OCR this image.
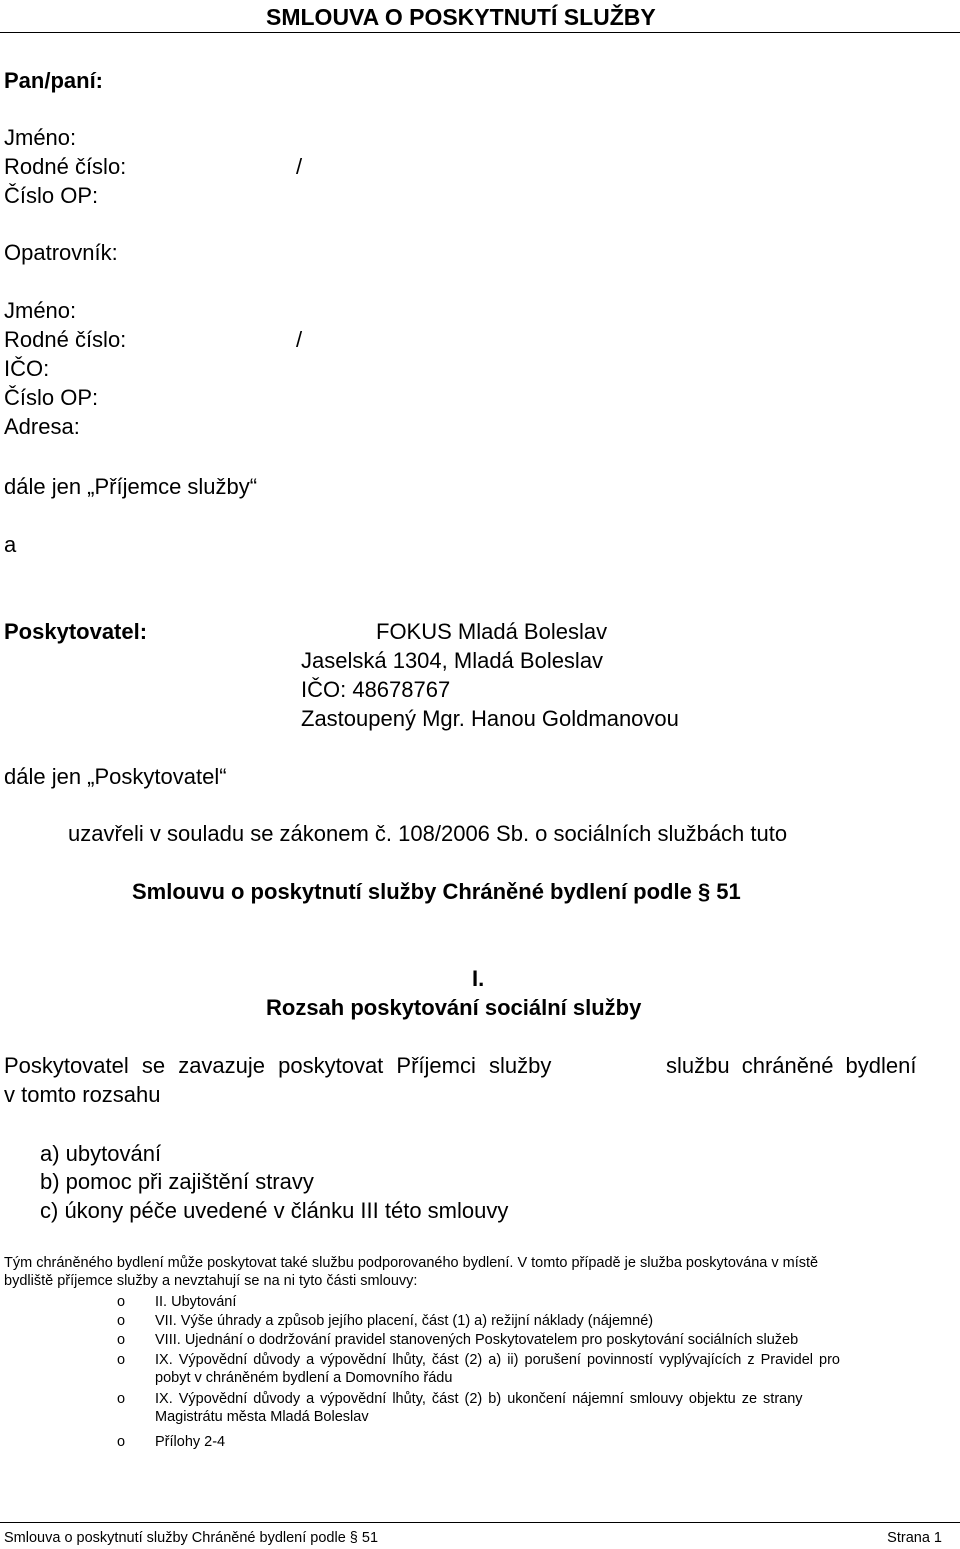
SMLOUVA O POSKYTNUTÍ SLUŽBY
Pan/paní:
Jméno:
Rodné číslo:	/
Číslo OP:
Opatrovník:
Jméno:
Rodné číslo:	/
IČO:
Číslo OP:
Adresa:
dále jen „Příjemce služby“
a
Poskytovatel:	FOKUS Mladá Boleslav
Jaselská 1304, Mladá Boleslav
IČO: 48678767
Zastoupený Mgr. Hanou Goldmanovou
dále jen „Poskytovatel“
uzavřeli v souladu se zákonem č. 108/2006 Sb. o sociálních službách tuto
Smlouvu o poskytnutí služby Chráněné bydlení podle § 51
I.
Rozsah poskytování sociální služby
Poskytovatel se zavazuje poskytovat Příjemci služby	službu chráněné bydlení
v tomto rozsahu
a) ubytování
b) pomoc při zajištění stravy
c) úkony péče uvedené v článku III této smlouvy
Tým chráněného bydlení může poskytovat také službu podporovaného bydlení. V tomto případě je služba poskytována v místě
bydliště příjemce služby a nevztahují se na ni tyto části smlouvy:
o II. Ubytování
o VII. Výše úhrady a způsob jejího placení, část (1) a) režijní náklady (nájemné)
o VIII. Ujednání o dodržování pravidel stanovených Poskytovatelem pro poskytování sociálních služeb
o IX. Výpovědní důvody a výpovědní lhůty, část (2) a) ii) porušení povinností vyplývajících z Pravidel pro
pobyt v chráněném bydlení a Domovního řádu
o IX. Výpovědní důvody a výpovědní lhůty, část (2) b) ukončení nájemní smlouvy objektu ze strany
Magistrátu města Mladá Boleslav
o Přílohy 2-4
Smlouva o poskytnutí služby Chráněné bydlení podle § 51	Strana 1
